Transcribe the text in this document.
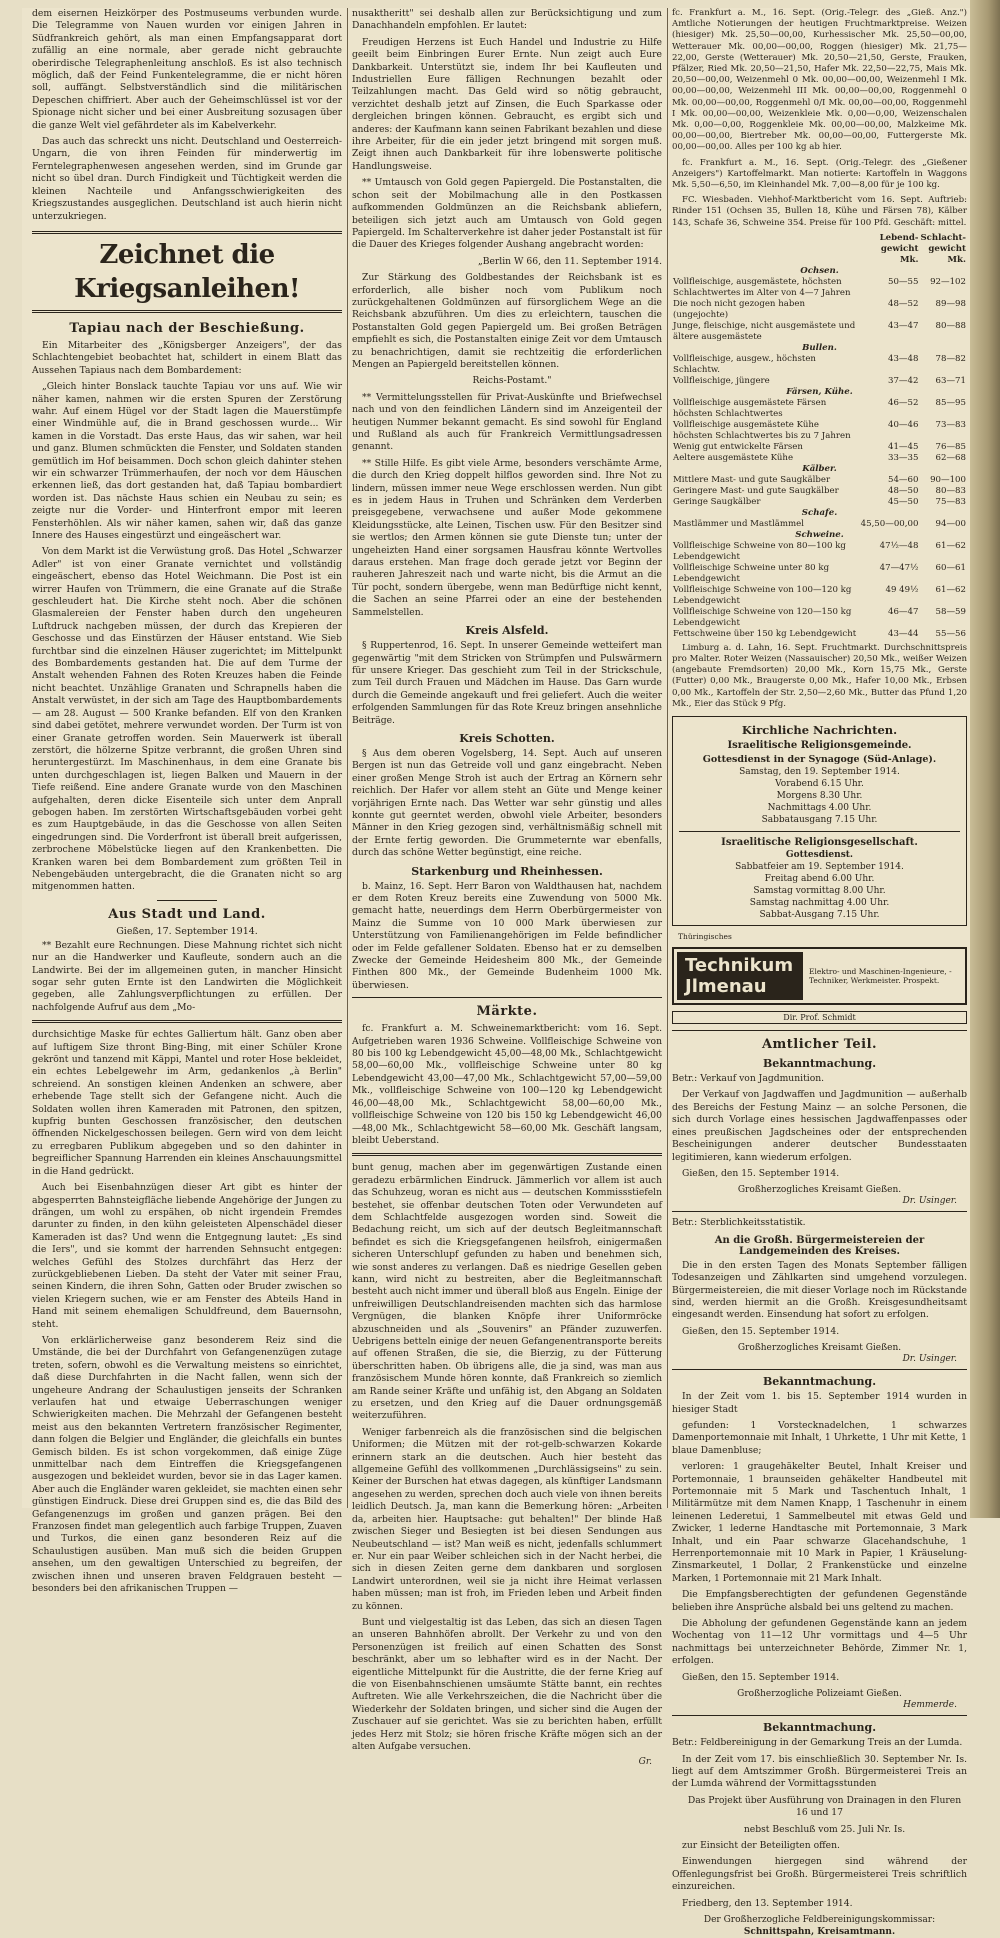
dem eisernen Heizkörper des Postmuseums verbunden wurde. Die Telegramme von Nauen wurden vor einigen Jahren in Südfrankreich gehört, als man einen Empfangsapparat dort zufällig an eine normale, aber gerade nicht gebrauchte oberirdische Telegraphenleitung anschloß. Es ist also technisch möglich, daß der Feind Funkentelegramme, die er nicht hören soll, auffängt. Selbstverständlich sind die militärischen Depeschen chiffriert. Aber auch der Geheimschlüssel ist vor der Spionage nicht sicher und bei einer Ausbreitung sozusagen über die ganze Welt viel gefährdeter als im Kabelverkehr.

Das auch das schreckt uns nicht. Deutschland und Oesterreich-Ungarn, die von ihren Feinden für minderwertig im Ferntelegraphenwesen angesehen werden, sind im Grunde gar nicht so übel dran. Durch Findigkeit und Tüchtigkeit werden die kleinen Nachteile und Anfangsschwierigkeiten des Kriegszustandes ausgeglichen. Deutschland ist auch hierin nicht unterzukriegen.

Zeichnet die Kriegsanleihen!
Tapiau nach der Beschießung.

Ein Mitarbeiter des „Königsberger Anzeigers", der das Schlachtengebiet beobachtet hat, schildert in einem Blatt das Aussehen Tapiaus nach dem Bombardement:

„Gleich hinter Bonslack tauchte Tapiau vor uns auf. Wie wir näher kamen, nahmen wir die ersten Spuren der Zerstörung wahr. Auf einem Hügel vor der Stadt lagen die Mauerstümpfe einer Windmühle auf, die in Brand geschossen wurde... Wir kamen in die Vorstadt. Das erste Haus, das wir sahen, war heil und ganz. Blumen schmückten die Fenster, und Soldaten standen gemütlich im Hof beisammen. Doch schon gleich dahinter stehen wir ein schwarzer Trümmerhaufen, der noch vor dem Häuschen erkennen ließ, das dort gestanden hat, daß Tapiau bombardiert worden ist. Das nächste Haus schien ein Neubau zu sein; es zeigte nur die Vorder- und Hinterfront empor mit leeren Fensterhöhlen. Als wir näher kamen, sahen wir, daß das ganze Innere des Hauses eingestürzt und eingeäschert war.

Von dem Markt ist die Verwüstung groß. Das Hotel „Schwarzer Adler" ist von einer Granate vernichtet und vollständig eingeäschert, ebenso das Hotel Weichmann. Die Post ist ein wirrer Haufen von Trümmern, die eine Granate auf die Straße geschleudert hat. Die Kirche steht noch. Aber die schönen Glasmalereien der Fenster haben durch den ungeheuren Luftdruck nachgeben müssen, der durch das Krepieren der Geschosse und das Einstürzen der Häuser entstand. Wie Sieb furchtbar sind die einzelnen Häuser zugerichtet; im Mittelpunkt des Bombardements gestanden hat. Die auf dem Turme der Anstalt wehenden Fahnen des Roten Kreuzes haben die Feinde nicht beachtet. Unzählige Granaten und Schrapnells haben die Anstalt verwüstet, in der sich am Tage des Hauptbombardements — am 28. August — 500 Kranke befanden. Elf von den Kranken sind dabei getötet, mehrere verwundet worden. Der Turm ist von einer Granate getroffen worden. Sein Mauerwerk ist überall zerstört, die hölzerne Spitze verbrannt, die großen Uhren sind heruntergestürzt. Im Maschinenhaus, in dem eine Granate bis unten durchgeschlagen ist, liegen Balken und Mauern in der Tiefe reißend. Eine andere Granate wurde von den Maschinen aufgehalten, deren dicke Eisenteile sich unter dem Anprall gebogen haben. Im zerstörten Wirtschaftsgebäuden vorbei geht es zum Hauptgebäude, in das die Geschosse von allen Seiten eingedrungen sind. Die Vorderfront ist überall breit aufgerissen, zerbrochene Möbelstücke liegen auf den Krankenbetten. Die Kranken waren bei dem Bombardement zum größten Teil in Nebengebäuden untergebracht, die die Granaten nicht so arg mitgenommen hatten.

Aus Stadt und Land.
Gießen, 17. September 1914.

** Bezahlt eure Rechnungen. Diese Mahnung richtet sich nicht nur an die Handwerker und Kaufleute, sondern auch an die Landwirte. Bei der im allgemeinen guten, in mancher Hinsicht sogar sehr guten Ernte ist den Landwirten die Möglichkeit gegeben, alle Zahlungsverpflichtungen zu erfüllen. Der nachfolgende Aufruf aus dem „Mo-

durchsichtige Maske für echtes Galliertum hält. Ganz oben aber auf luftigem Size thront Bing-Bing, mit einer Schüler Krone gekrönt und tanzend mit Käppi, Mantel und roter Hose bekleidet, ein echtes Lebelgewehr im Arm, gedankenlos „à Berlin" schreiend. An sonstigen kleinen Andenken an schwere, aber erhebende Tage stellt sich der Gefangene nicht. Auch die Soldaten wollen ihren Kameraden mit Patronen, den spitzen, kupfrig bunten Geschossen französischer, den deutschen öffnenden Nickelgeschossen beilegen. Gern wird von dem leicht zu erregbaren Publikum abgegeben und so den dahinter in begreiflicher Spannung Harrenden ein kleines Anschauungsmittel in die Hand gedrückt.

Auch bei Eisenbahnzügen dieser Art gibt es hinter der abgesperrten Bahnsteigfläche liebende Angehörige der Jungen zu drängen, um wohl zu erspähen, ob nicht irgendein Fremdes darunter zu finden, in den kühn geleisteten Alpenschädel dieser Kameraden ist das? Und wenn die Entgegnung lautet: „Es sind die Iers", und sie kommt der harrenden Sehnsucht entgegen: welches Gefühl des Stolzes durchfährt das Herz der zurückgebliebenen Lieben. Da steht der Vater mit seiner Frau, seinen Kindern, die ihren Sohn, Gatten oder Bruder zwischen so vielen Kriegern suchen, wie er am Fenster des Abteils Hand in Hand mit seinem ehemaligen Schuldfreund, dem Bauernsohn, steht.

Von erklärlicherweise ganz besonderem Reiz sind die Umstände, die bei der Durchfahrt von Gefangenenzügen zutage treten, sofern, obwohl es die Verwaltung meistens so einrichtet, daß diese Durchfahrten in die Nacht fallen, wenn sich der ungeheure Andrang der Schaulustigen jenseits der Schranken verlaufen hat und etwaige Ueberraschungen weniger Schwierigkeiten machen. Die Mehrzahl der Gefangenen besteht meist aus den bekannten Vertretern französischer Regimenter, dann folgen die Belgier und Engländer, die gleichfalls ein buntes Gemisch bilden. Es ist schon vorgekommen, daß einige Züge unmittelbar nach dem Eintreffen die Kriegsgefangenen ausgezogen und bekleidet wurden, bevor sie in das Lager kamen. Aber auch die Engländer waren gekleidet, sie machten einen sehr günstigen Eindruck. Diese drei Gruppen sind es, die das Bild des Gefangenenzugs im großen und ganzen prägen. Bei den Franzosen findet man gelegentlich auch farbige Truppen, Zuaven und Turkos, die einen ganz besonderen Reiz auf die Schaulustigen ausüben. Man muß sich die beiden Gruppen ansehen, um den gewaltigen Unterschied zu begreifen, der zwischen ihnen und unseren braven Feldgrauen besteht — besonders bei den afrikanischen Truppen —

nusaktheritt" sei deshalb allen zur Berücksichtigung und zum Danachhandeln empfohlen. Er lautet:

Freudigen Herzens ist Euch Handel und Industrie zu Hilfe geeilt beim Einbringen Eurer Ernte. Nun zeigt auch Eure Dankbarkeit. Unterstützt sie, indem Ihr bei Kaufleuten und Industriellen Eure fälligen Rechnungen bezahlt oder Teilzahlungen macht. Das Geld wird so nötig gebraucht, verzichtet deshalb jetzt auf Zinsen, die Euch Sparkasse oder dergleichen bringen können. Gebraucht, es ergibt sich und anderes: der Kaufmann kann seinen Fabrikant bezahlen und diese ihre Arbeiter, für die ein jeder jetzt bringend mit sorgen muß. Zeigt ihnen auch Dankbarkeit für ihre lobenswerte politische Handlungsweise.

** Umtausch von Gold gegen Papiergeld. Die Postanstalten, die schon seit der Mobilmachung alle in den Postkassen aufkommenden Goldmünzen an die Reichsbank abliefern, beteiligen sich jetzt auch am Umtausch von Gold gegen Papiergeld. Im Schalterverkehre ist daher jeder Postanstalt ist für die Dauer des Krieges folgender Aushang angebracht worden:

„Berlin W 66, den 11. September 1914.

Zur Stärkung des Goldbestandes der Reichsbank ist es erforderlich, alle bisher noch vom Publikum noch zurückgehaltenen Goldmünzen auf fürsorglichem Wege an die Reichsbank abzuführen. Um dies zu erleichtern, tauschen die Postanstalten Gold gegen Papiergeld um. Bei großen Beträgen empfiehlt es sich, die Postanstalten einige Zeit vor dem Umtausch zu benachrichtigen, damit sie rechtzeitig die erforderlichen Mengen an Papiergeld bereitstellen können.

Reichs-Postamt."

** Vermittelungsstellen für Privat-Auskünfte und Briefwechsel nach und von den feindlichen Ländern sind im Anzeigenteil der heutigen Nummer bekannt gemacht. Es sind sowohl für England und Rußland als auch für Frankreich Vermittlungsadressen genannt.

** Stille Hilfe. Es gibt viele Arme, besonders verschämte Arme, die durch den Krieg doppelt hilflos geworden sind. Ihre Not zu lindern, müssen immer neue Wege erschlossen werden. Nun gibt es in jedem Haus in Truhen und Schränken dem Verderben preisgegebene, verwachsene und außer Mode gekommene Kleidungsstücke, alte Leinen, Tischen usw. Für den Besitzer sind sie wertlos; den Armen können sie gute Dienste tun; unter der ungeheizten Hand einer sorgsamen Hausfrau könnte Wertvolles daraus erstehen. Man frage doch gerade jetzt vor Beginn der rauheren Jahreszeit nach und warte nicht, bis die Armut an die Tür pocht, sondern übergebe, wenn man Bedürftige nicht kennt, die Sachen an seine Pfarrei oder an eine der bestehenden Sammelstellen.

Kreis Alsfeld.

§ Ruppertenrod, 16. Sept. In unserer Gemeinde wetteifert man gegenwärtig "mit dem Stricken von Strümpfen und Pulswärmern für unsere Krieger. Das geschieht zum Teil in der Strickschule, zum Teil durch Frauen und Mädchen im Hause. Das Garn wurde durch die Gemeinde angekauft und frei geliefert. Auch die weiter erfolgenden Sammlungen für das Rote Kreuz bringen ansehnliche Beiträge.

Kreis Schotten.

§ Aus dem oberen Vogelsberg, 14. Sept. Auch auf unseren Bergen ist nun das Getreide voll und ganz eingebracht. Neben einer großen Menge Stroh ist auch der Ertrag an Körnern sehr reichlich. Der Hafer vor allem steht an Güte und Menge keiner vorjährigen Ernte nach. Das Wetter war sehr günstig und alles konnte gut geerntet werden, obwohl viele Arbeiter, besonders Männer in den Krieg gezogen sind, verhältnismäßig schnell mit der Ernte fertig geworden. Die Grummeternte war ebenfalls, durch das schöne Wetter begünstigt, eine reiche.

Starkenburg und Rheinhessen.

b. Mainz, 16. Sept. Herr Baron von Waldthausen hat, nachdem er dem Roten Kreuz bereits eine Zuwendung von 5000 Mk. gemacht hatte, neuerdings dem Herrn Oberbürgermeister von Mainz die Summe von 10 000 Mark überwiesen zur Unterstützung von Familienangehörigen im Felde befindlicher oder im Felde gefallener Soldaten. Ebenso hat er zu demselben Zwecke der Gemeinde Heidesheim 800 Mk., der Gemeinde Finthen 800 Mk., der Gemeinde Budenheim 1000 Mk. überwiesen.

Märkte.

fc. Frankfurt a. M. Schweinemarktbericht: vom 16. Sept. Aufgetrieben waren 1936 Schweine. Vollfleischige Schweine von 80 bis 100 kg Lebendgewicht 45,00—48,00 Mk., Schlachtgewicht 58,00—60,00 Mk., vollfleischige Schweine unter 80 kg Lebendgewicht 43,00—47,00 Mk., Schlachtgewicht 57,00—59,00 Mk., vollfleischige Schweine von 100—120 kg Lebendgewicht 46,00—48,00 Mk., Schlachtgewicht 58,00—60,00 Mk., vollfleischige Schweine von 120 bis 150 kg Lebendgewicht 46,00—48,00 Mk., Schlachtgewicht 58—60,00 Mk. Geschäft langsam, bleibt Ueberstand.

bunt genug, machen aber im gegenwärtigen Zustande einen geradezu erbärmlichen Eindruck. Jämmerlich vor allem ist auch das Schuhzeug, woran es nicht aus — deutschen Kommissstiefeln bestehet, sie offenbar deutschen Toten oder Verwundeten auf dem Schlachtfelde ausgezogen worden sind. Soweit die Bedachung reicht, um sich auf der deutsch Begleitmannschaft befindet es sich die Kriegsgefangenen heilsfroh, einigermaßen sicheren Unterschlupf gefunden zu haben und benehmen sich, wie sonst anderes zu verlangen. Daß es niedrige Gesellen geben kann, wird nicht zu bestreiten, aber die Begleitmannschaft besteht auch nicht immer und überall bloß aus Engeln. Einige der unfreiwilligen Deutschlandreisenden machten sich das harmlose Vergnügen, die blanken Knöpfe ihrer Uniformröcke abzuschneiden und als „Souvenirs" an Pfänder zuzuwerfen. Uebrigens betteln einige der neuen Gefangenentransporte bereits auf offenen Straßen, die sie, die Bierzig, zu der Fütterung überschritten haben. Ob übrigens alle, die ja sind, was man aus französischem Munde hören konnte, daß Frankreich so ziemlich am Rande seiner Kräfte und unfähig ist, den Abgang an Soldaten zu ersetzen, und den Krieg auf die Dauer ordnungsgemäß weiterzuführen.

Weniger farbenreich als die französischen sind die belgischen Uniformen; die Mützen mit der rot-gelb-schwarzen Kokarde erinnern stark an die deutschen. Auch hier besteht das allgemeine Gefühl des vollkommenen „Durchlässigseins" zu sein. Keiner der Burschen hat etwas dagegen, als künftiger Landsmann angesehen zu werden, sprechen doch auch viele von ihnen bereits leidlich Deutsch. Ja, man kann die Bemerkung hören: „Arbeiten da, arbeiten hier. Hauptsache: gut behalten!" Der blinde Haß zwischen Sieger und Besiegten ist bei diesen Sendungen aus Neubeutschland — ist? Man weiß es nicht, jedenfalls schlummert er. Nur ein paar Weiber schleichen sich in der Nacht herbei, die sich in diesen Zeiten gerne dem dankbaren und sorglosen Landwirt unterordnen, weil sie ja nicht ihre Heimat verlassen haben müssen; man ist froh, im Frieden leben und Arbeit finden zu können.

Bunt und vielgestaltig ist das Leben, das sich an diesen Tagen an unseren Bahnhöfen abrollt. Der Verkehr zu und von den Personenzügen ist freilich auf einen Schatten des Sonst beschränkt, aber um so lebhafter wird es in der Nacht. Der eigentliche Mittelpunkt für die Austritte, die der ferne Krieg auf die von Eisenbahnschienen umsäumte Stätte bannt, ein rechtes Auftreten. Wie alle Verkehrszeichen, die die Nachricht über die Wiederkehr der Soldaten bringen, und sicher sind die Augen der Zuschauer auf sie gerichtet. Was sie zu berichten haben, erfüllt jedes Herz mit Stolz; sie hören frische Kräfte mögen sich an der alten Aufgabe versuchen.

Gr.

fc. Frankfurt a. M., 16. Sept. (Orig.-Telegr. des „Gieß. Anz.") Amtliche Notierungen der heutigen Fruchtmarktpreise. Weizen (hiesiger) Mk. 25,50—00,00, Kurhessischer Mk. 25,50—00,00, Wetterauer Mk. 00,00—00,00, Roggen (hiesiger) Mk. 21,75—22,00, Gerste (Wetterauer) Mk. 20,50—21,50, Gerste, Frauken, Pfälzer, Ried Mk. 20,50—21,50, Hafer Mk. 22,50—22,75, Mais Mk. 20,50—00,00, Weizenmehl 0 Mk. 00,00—00,00, Weizenmehl I Mk. 00,00—00,00, Weizenmehl III Mk. 00,00—00,00, Roggenmehl 0 Mk. 00,00—00,00, Roggenmehl 0/I Mk. 00,00—00,00, Roggenmehl I Mk. 00,00—00,00, Weizenkleie Mk. 0,00—0,00, Weizenschalen Mk. 0,00—0,00, Roggenkleie Mk. 00,00—00,00, Malzkeime Mk. 00,00—00,00, Biertreber Mk. 00,00—00,00, Futtergerste Mk. 00,00—00,00. Alles per 100 kg ab hier.

fc. Frankfurt a. M., 16. Sept. (Orig.-Telegr. des „Gießener Anzeigers") Kartoffelmarkt. Man notierte: Kartoffeln in Waggons Mk. 5,50—6,50, im Kleinhandel Mk. 7,00—8,00 für je 100 kg.

FC. Wiesbaden. Viehhof-Marktbericht vom 16. Sept. Auftrieb: Rinder 151 (Ochsen 35, Bullen 18, Kühe und Färsen 78), Kälber 143, Schafe 36, Schweine 354. Preise für 100 Pfd. Geschäft: mittel.

	Lebend-	Schlacht-
	gewicht	gewicht
	Mk.	Mk.
Ochsen.		
Vollfleischige, ausgemästete, höchsten Schlachtwertes im Alter von 4—7 Jahren	50—55	92—102
Die noch nicht gezogen haben (ungejochte)	48—52	89—98
Junge, fleischige, nicht ausgemästete und ältere ausgemästete	43—47	80—88
Bullen.		
Vollfleischige, ausgew., höchsten Schlachtw.	43—48	78—82
Vollfleischige, jüngere	37—42	63—71
Färsen, Kühe.		
Vollfleischige ausgemästete Färsen höchsten Schlachtwertes	46—52	85—95
Vollfleischige ausgemästete Kühe höchsten Schlachtwertes bis zu 7 Jahren	40—46	73—83
Wenig gut entwickelte Färsen	41—45	76—85
Aeltere ausgemästete Kühe	33—35	62—68
Kälber.		
Mittlere Mast- und gute Saugkälber	54—60	90—100
Geringere Mast- und gute Saugkälber	48—50	80—83
Geringe Saugkälber	45—50	75—83
Schafe.		
Mastlämmer und Mastlämmel	45,50—00,00	94—00
Schweine.		
Vollfleischige Schweine von 80—100 kg Lebendgewicht	47½—48	61—62
Vollfleischige Schweine unter 80 kg Lebendgewicht	47—47½	60—61
Vollfleischige Schweine von 100—120 kg Lebendgewicht	49 49½	61—62
Vollfleischige Schweine von 120—150 kg Lebendgewicht	46—47	58—59
Fettschweine über 150 kg Lebendgewicht	43—44	55—56

Limburg a. d. Lahn, 16. Sept. Fruchtmarkt. Durchschnittspreis pro Malter. Roter Weizen (Nassauischer) 20,50 Mk., weißer Weizen (angebaute Fremdsorten) 20,00 Mk., Korn 15,75 Mk., Gerste (Futter) 0,00 Mk., Braugerste 0,00 Mk., Hafer 10,00 Mk., Erbsen 0,00 Mk., Kartoffeln der Str. 2,50—2,60 Mk., Butter das Pfund 1,20 Mk., Eier das Stück 9 Pfg.

Kirchliche Nachrichten.
Israelitische Religionsgemeinde.
Gottesdienst in der Synagoge (Süd-Anlage).
Samstag, den 19. September 1914.
Vorabend 6.15 Uhr.
Morgens 8.30 Uhr.
Nachmittags 4.00 Uhr.
Sabbatausgang 7.15 Uhr.
Israelitische Religionsgesellschaft.
Gottesdienst.
Sabbatfeier am 19. September 1914.
Freitag abend 6.00 Uhr.
Samstag vormittag 8.00 Uhr.
Samstag nachmittag 4.00 Uhr.
Sabbat-Ausgang 7.15 Uhr.
Thüringisches
Technikum Jlmenau
Elektro- und Maschinen-Ingenieure, -Techniker, Werkmeister. Prospekt.
Dir. Prof. Schmidt
Amtlicher Teil.
Bekanntmachung.

Betr.: Verkauf von Jagdmunition.

Der Verkauf von Jagdwaffen und Jagdmunition — außerhalb des Bereichs der Festung Mainz — an solche Personen, die sich durch Vorlage eines hessischen Jagdwaffenpasses oder eines preußischen Jagdscheines oder der entsprechenden Bescheinigungen anderer deutscher Bundesstaaten legitimieren, kann wiederum erfolgen.

Gießen, den 15. September 1914.

Großherzogliches Kreisamt Gießen.
Dr. Usinger.

Betr.: Sterblichkeitsstatistik.

An die Großh. Bürgermeistereien der Landgemeinden des Kreises.

Die in den ersten Tagen des Monats September fälligen Todesanzeigen und Zählkarten sind umgehend vorzulegen. Bürgermeistereien, die mit dieser Vorlage noch im Rückstande sind, werden hiermit an die Großh. Kreisgesundheitsamt eingesandt werden. Einsendung hat sofort zu erfolgen.

Gießen, den 15. September 1914.

Großherzogliches Kreisamt Gießen.
Dr. Usinger.
Bekanntmachung.

In der Zeit vom 1. bis 15. September 1914 wurden in hiesiger Stadt

gefunden: 1 Vorstecknadelchen, 1 schwarzes Damenportemonnaie mit Inhalt, 1 Uhrkette, 1 Uhr mit Kette, 1 blaue Damenbluse;

verloren: 1 graugehäkelter Beutel, Inhalt Kreiser und Portemonnaie, 1 braunseiden gehäkelter Handbeutel mit Portemonnaie mit 5 Mark und Taschentuch Inhalt, 1 Militärmütze mit dem Namen Knapp, 1 Taschenuhr in einem leinenen Lederetui, 1 Sammelbeutel mit etwas Geld und Zwicker, 1 lederne Handtasche mit Portemonnaie, 3 Mark Inhalt, und ein Paar schwarze Glacehandschuhe, 1 Herrenportemonnaie mit 10 Mark in Papier, 1 Kräuselung-Zinsmarkeutel, 1 Dollar, 2 Frankenstücke und einzelne Marken, 1 Portemonnaie mit 21 Mark Inhalt.

Die Empfangsberechtigten der gefundenen Gegenstände belieben ihre Ansprüche alsbald bei uns geltend zu machen.

Die Abholung der gefundenen Gegenstände kann an jedem Wochentag von 11—12 Uhr vormittags und 4—5 Uhr nachmittags bei unterzeichneter Behörde, Zimmer Nr. 1, erfolgen.

Gießen, den 15. September 1914.

Großherzogliche Polizeiamt Gießen.
Hemmerde.
Bekanntmachung.

Betr.: Feldbereinigung in der Gemarkung Treis an der Lumda.

In der Zeit vom 17. bis einschließlich 30. September Nr. Is. liegt auf dem Amtszimmer Großh. Bürgermeisterei Treis an der Lumda während der Vormittagsstunden

Das Projekt über Ausführung von Drainagen in den Fluren 16 und 17

nebst Beschluß vom 25. Juli Nr. Is.

zur Einsicht der Beteiligten offen.

Einwendungen hiergegen sind während der Offenlegungsfrist bei Großh. Bürgermeisterei Treis schriftlich einzureichen.

Friedberg, den 13. September 1914.

Der Großherzogliche Feldbereinigungskommissar:
Schnittspahn, Kreisamtmann.
